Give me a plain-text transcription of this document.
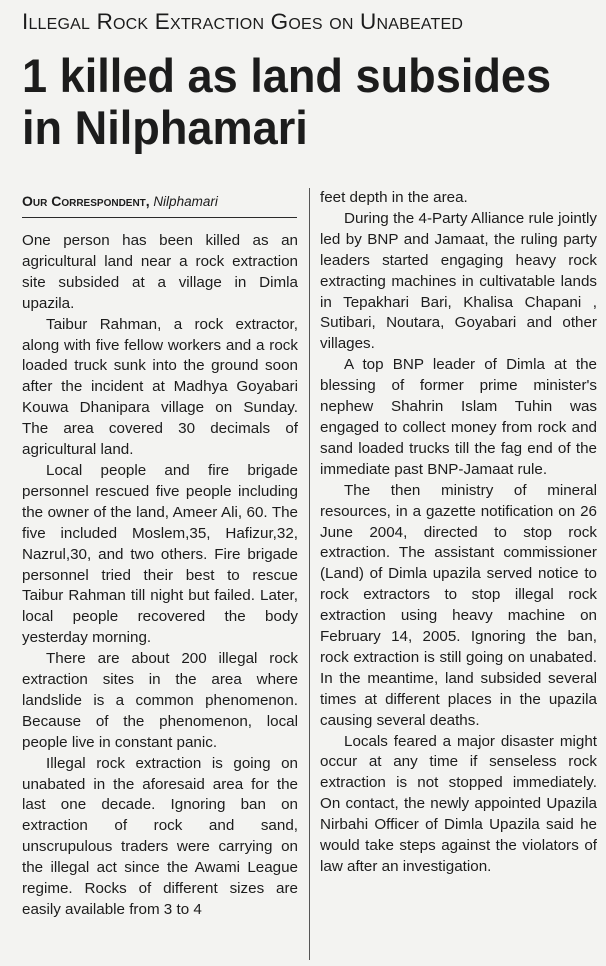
Illegal Rock Extraction Goes on Unabeated
1 killed as land subsides
in Nilphamari
Our Correspondent, Nilphamari

One person has been killed as an agricultural land near a rock extraction site subsided at a village in Dimla upazila.

Taibur Rahman, a rock extractor, along with five fellow workers and a rock loaded truck sunk into the ground soon after the incident at Madhya Goyabari Kouwa Dhanipara village on Sunday. The area covered 30 decimals of agricultural land.

Local people and fire brigade personnel rescued five people including the owner of the land, Ameer Ali, 60. The five included Moslem,35, Hafizur,32, Nazrul,30, and two others. Fire brigade personnel tried their best to rescue Taibur Rahman till night but failed. Later, local people recovered the body yesterday morning.

There are about 200 illegal rock extraction sites in the area where landslide is a common phenomenon. Because of the phenomenon, local people live in constant panic.

Illegal rock extraction is going on unabated in the aforesaid area for the last one decade. Ignoring ban on extraction of rock and sand, unscrupulous traders were carrying on the illegal act since the Awami League regime. Rocks of different sizes are easily available from 3 to 4

feet depth in the area.

During the 4-Party Alliance rule jointly led by BNP and Jamaat, the ruling party leaders started engaging heavy rock extracting machines in cultivatable lands in Tepakhari Bari, Khalisa Chapani , Sutibari, Noutara, Goyabari and other villages.

A top BNP leader of Dimla at the blessing of former prime minister's nephew Shahrin Islam Tuhin was engaged to collect money from rock and sand loaded trucks till the fag end of the immediate past BNP-Jamaat rule.

The then ministry of mineral resources, in a gazette notification on 26 June 2004, directed to stop rock extraction. The assistant commissioner (Land) of Dimla upazila served notice to rock extractors to stop illegal rock extraction using heavy machine on February 14, 2005. Ignoring the ban, rock extraction is still going on unabated. In the meantime, land subsided several times at different places in the upazila causing several deaths.

Locals feared a major disaster might occur at any time if senseless rock extraction is not stopped immediately. On contact, the newly appointed Upazila Nirbahi Officer of Dimla Upazila said he would take steps against the violators of law after an investigation.
